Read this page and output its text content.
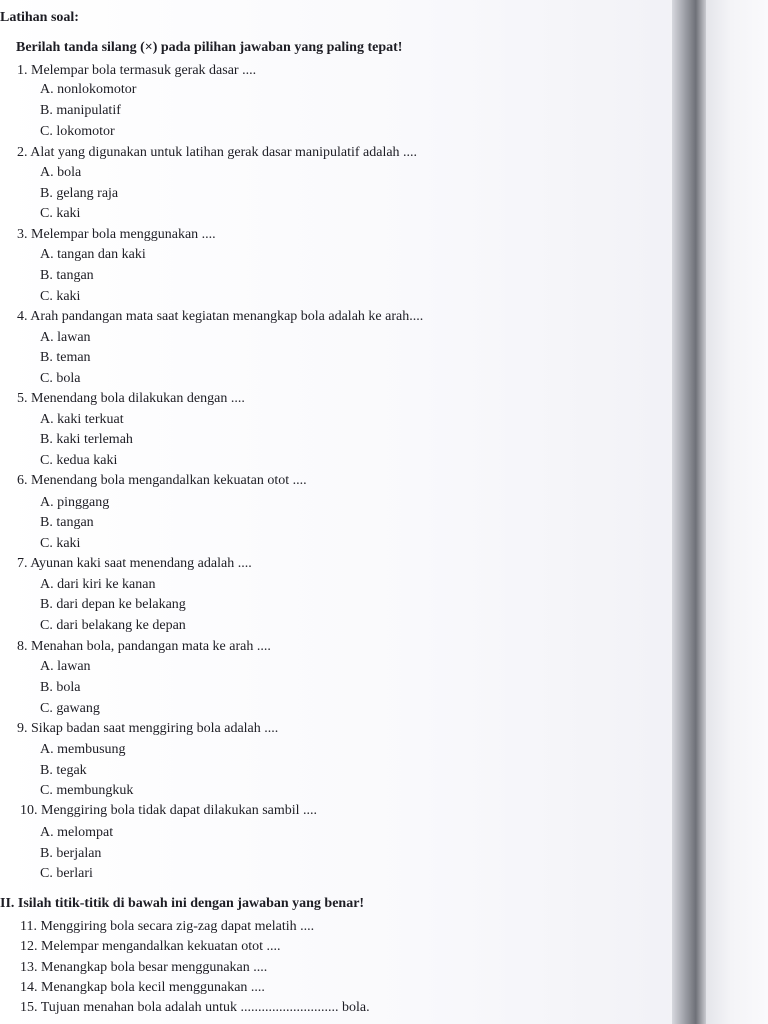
Latihan soal:
Berilah tanda silang (×) pada pilihan jawaban yang paling tepat!
1. Melempar bola termasuk gerak dasar ....
A. nonlokomotor
B. manipulatif
C. lokomotor
2. Alat yang digunakan untuk latihan gerak dasar manipulatif adalah ....
A. bola
B. gelang raja
C. kaki
3. Melempar bola menggunakan ....
A. tangan dan kaki
B. tangan
C. kaki
4. Arah pandangan mata saat kegiatan menangkap bola adalah ke arah....
A. lawan
B. teman
C. bola
5. Menendang bola dilakukan dengan ....
A. kaki terkuat
B. kaki terlemah
C. kedua kaki
6. Menendang bola mengandalkan kekuatan otot ....
A. pinggang
B. tangan
C. kaki
7. Ayunan kaki saat menendang adalah ....
A. dari kiri ke kanan
B. dari depan ke belakang
C. dari belakang ke depan
8. Menahan bola, pandangan mata ke arah ....
A. lawan
B. bola
C. gawang
9. Sikap badan saat menggiring bola adalah ....
A. membusung
B. tegak
C. membungkuk
10. Menggiring bola tidak dapat dilakukan sambil ....
A. melompat
B. berjalan
C. berlari
II. Isilah titik-titik di bawah ini dengan jawaban yang benar!
11. Menggiring bola secara zig-zag dapat melatih ....
12. Melempar mengandalkan kekuatan otot ....
13. Menangkap bola besar menggunakan ....
14. Menangkap bola kecil menggunakan ....
15. Tujuan menahan bola adalah untuk ............................ bola.
